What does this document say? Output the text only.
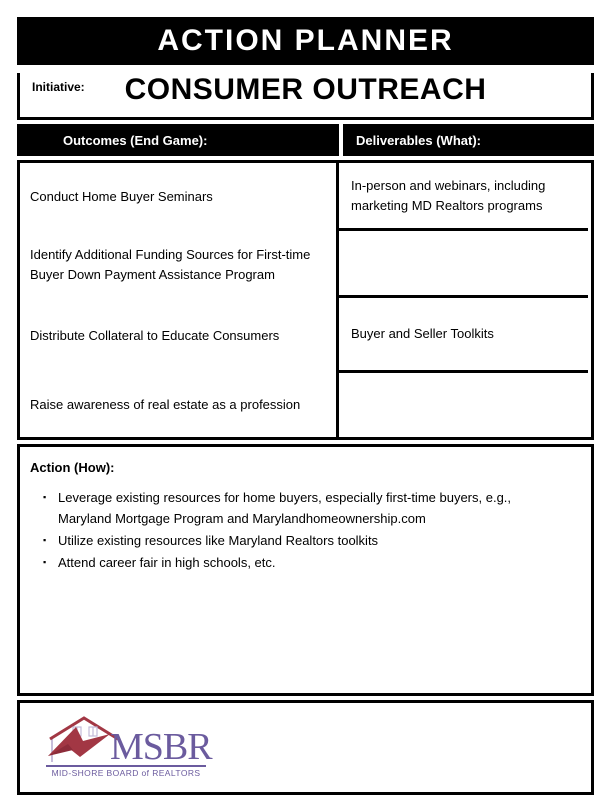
ACTION PLANNER
Initiative:	CONSUMER OUTREACH
Outcomes (End Game):	Deliverables (What):
Conduct Home Buyer Seminars
Identify Additional Funding Sources for First-time Buyer Down Payment Assistance Program
Distribute Collateral to Educate Consumers
Raise awareness of real estate as a profession
In-person and webinars, including marketing MD Realtors programs
Buyer and Seller Toolkits
Action (How):
▪ Leverage existing resources for home buyers, especially first-time buyers, e.g., Maryland Mortgage Program and Marylandhomeownership.com
▪ Utilize existing resources like Maryland Realtors toolkits
▪ Attend career fair in high schools, etc.
MSBR
MID-SHORE BOARD of REALTORS
